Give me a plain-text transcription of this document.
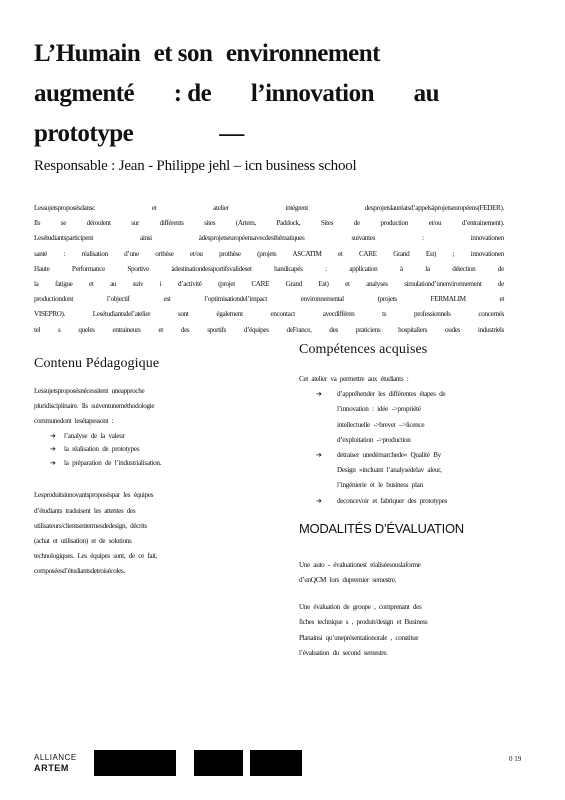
L’Humain et son environnement
augmenté : de l’innovation au
prototype	—
Responsable : Jean - Philippe jehl – icn business school

Lessujetsproposésdansc et atelier intégrent desprojetslauréatsd’appelsàprojetseuropéens(FEDER).

Ils se déroulent sur différents sites (Artem, Paddock, Sites de production et/ou d’entrainement).

Lesétudiantsparticipent ainsi àdesprojetseuropéensavecdesthématiques suivantes : innovationen

santé : réalisation d’une orthèse et/ou prothèse (projets ASCATIM et CARE Grand Est) ; innovationen

Haute Performance Sportive àdestinationdessportifsvalideset handicapés : application à la détection de

la fatigue et au suiv i d’activité (projet CARE Grand Est) et analyses simulationd’unenvironnement de

productiondont l’objectif est l’optimisationdel’impact environnemental (projets FERMALIM et

VISEPRO). Lesétudiantsdel’atelier sont également encontact avecdifféren ts professionnels concernés

tel s queles entraineurs et des sportifs d’équipes deFrance, des praticiens hospitaliers oudes industriels

Contenu Pédagogique

Lessujetsproposésnécessitent uneapproche

pluridisciplinaire. Ils suiventuneméthodologie

communedont lesétapessont :

➔ l’analyse de la valeur
➔ la réalisation de prototypes
➔ la préparation de l’industrialisation.

Lesproduitsinnovantsproposéspar les équipes

d’étudiants traduisent les attentes des

utilisateurs/clientsentermesdedesign, décrits

(achat et utilisation) et de solutions

technologiques. Les équipes sont, de ce fait,

composéesd’étudiantsdetroisécoles.

Compétences acquises
Cet atelier va permettre aux étudiants :
➔ d’appréhender les différentes étapes de
l’innovation : idée ->propriété
intellectuelle ->brevet –>licence
d’exploitation ->production
➔ detraiser unedémarchede« Qualité By
Design »incluant l’analysedelav aleur,
l’ingénierie et le business plan
➔ deconcevoir et fabriquer des prototypes
MODALITÉS D’ÉVALUATION

Une auto - évaluationest réaliséesouslaforme

d’unQCM lors dupremier semestre.

Une évaluation de groupe , comprenant des

fiches technique s , produit/design et Business

Planainsi qu’uneprésentationorale , constitue

l’évaluation du second semestre.

ALLIANCE
ARTEM
0 19
